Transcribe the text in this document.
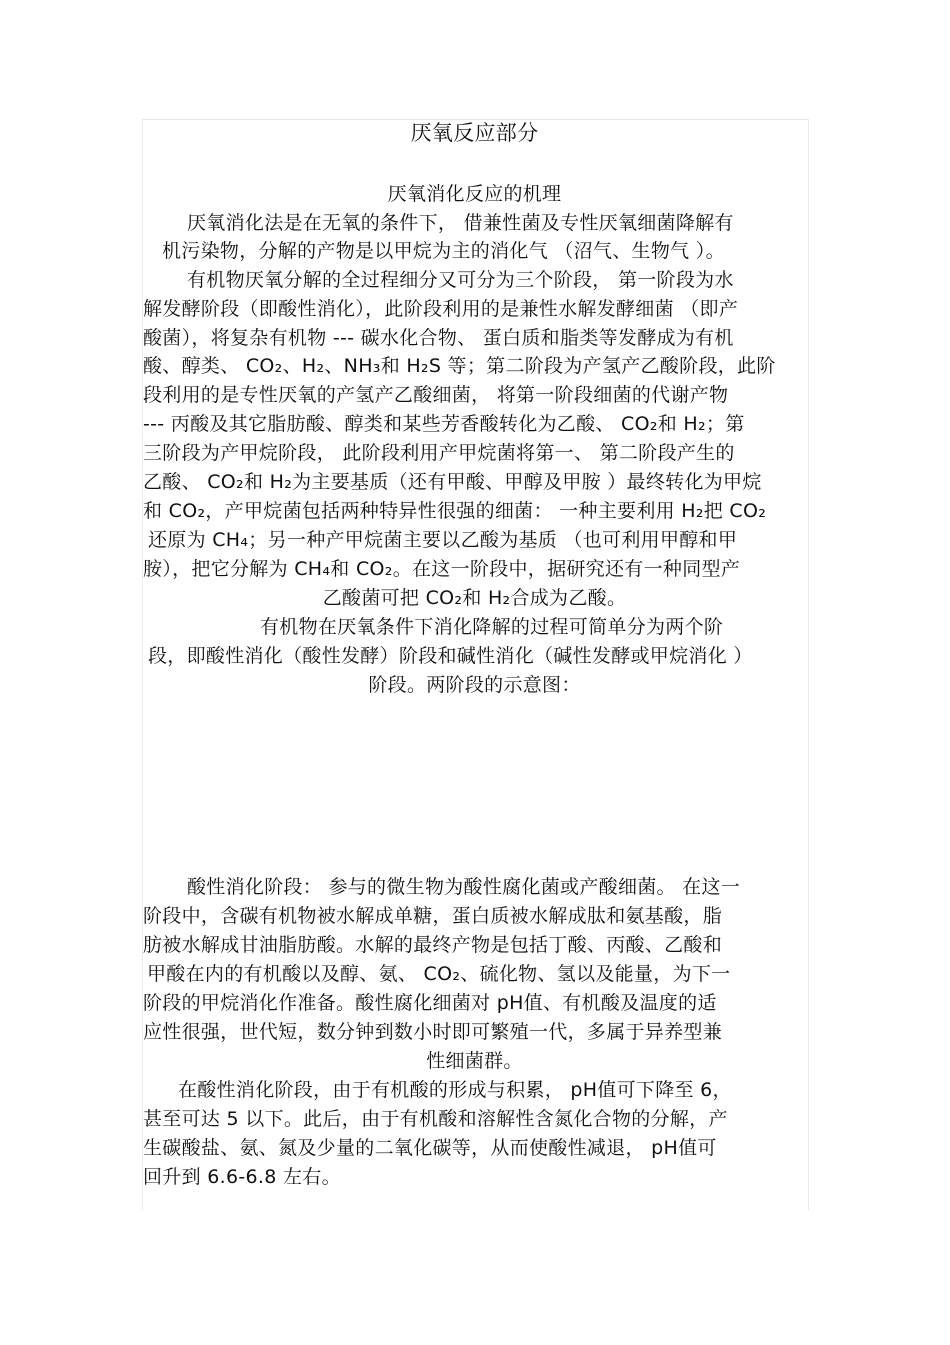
厌氧反应部分
厌氧消化反应的机理
厌氧消化法是在无氧的条件下， 借兼性菌及专性厌氧细菌降解有
机污染物，分解的产物是以甲烷为主的消化气 （沼气、生物气 ）。
有机物厌氧分解的全过程细分又可分为三个阶段， 第一阶段为水
解发酵阶段（即酸性消化），此阶段利用的是兼性水解发酵细菌 （即产
酸菌），将复杂有机物 --- 碳水化合物、 蛋白质和脂类等发酵成为有机
酸、醇类、 CO₂、H₂、NH₃和 H₂S 等；第二阶段为产氢产乙酸阶段，此阶
段利用的是专性厌氧的产氢产乙酸细菌， 将第一阶段细菌的代谢产物
--- 丙酸及其它脂肪酸、醇类和某些芳香酸转化为乙酸、 CO₂和 H₂；第
三阶段为产甲烷阶段， 此阶段利用产甲烷菌将第一、 第二阶段产生的
乙酸、 CO₂和 H₂为主要基质（还有甲酸、甲醇及甲胺 ）最终转化为甲烷
和 CO₂，产甲烷菌包括两种特异性很强的细菌： 一种主要利用 H₂把 CO₂
还原为 CH₄；另一种产甲烷菌主要以乙酸为基质 （也可利用甲醇和甲
胺），把它分解为 CH₄和 CO₂。在这一阶段中，据研究还有一种同型产
乙酸菌可把 CO₂和 H₂合成为乙酸。
有机物在厌氧条件下消化降解的过程可简单分为两个阶
段，即酸性消化（酸性发酵）阶段和碱性消化（碱性发酵或甲烷消化 ）
阶段。两阶段的示意图：
酸性消化阶段： 参与的微生物为酸性腐化菌或产酸细菌。 在这一
阶段中，含碳有机物被水解成单糖，蛋白质被水解成肽和氨基酸，脂
肪被水解成甘油脂肪酸。水解的最终产物是包括丁酸、丙酸、乙酸和
甲酸在内的有机酸以及醇、氨、 CO₂、硫化物、氢以及能量，为下一
阶段的甲烷消化作准备。酸性腐化细菌对 pH值、有机酸及温度的适
应性很强，世代短，数分钟到数小时即可繁殖一代，多属于异养型兼
性细菌群。
在酸性消化阶段，由于有机酸的形成与积累， pH值可下降至 6，
甚至可达 5 以下。此后，由于有机酸和溶解性含氮化合物的分解，产
生碳酸盐、氨、氮及少量的二氧化碳等，从而使酸性减退， pH值可
回升到 6.6-6.8 左右。
